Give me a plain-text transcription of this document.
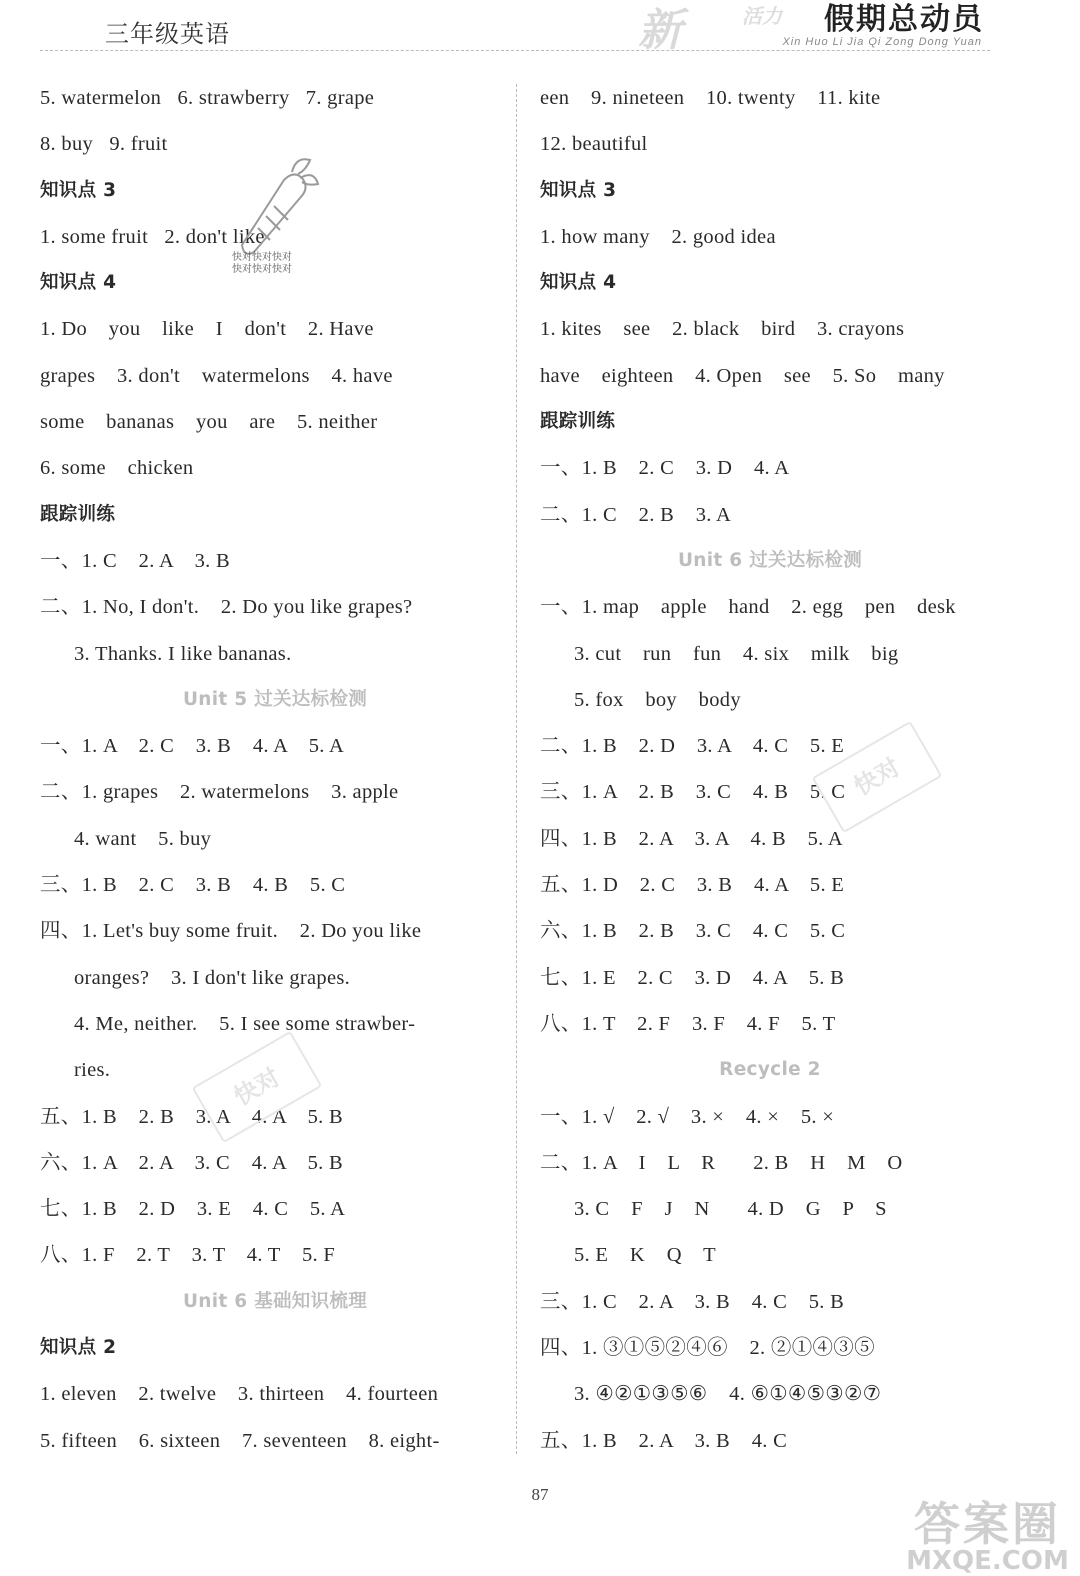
三年级英语	新	活力 假期总动员
Xin Huo Li Jia Qi Zong Dong Yuan
5. watermelon   6. strawberry   7. grape
8. buy   9. fruit
知识点 3
1. some fruit   2. don't like
知识点 4
1. Do    you    like    I    don't    2. Have
grapes    3. don't    watermelons    4. have
some    bananas    you    are    5. neither
6. some    chicken
跟踪训练
一、1. C    2. A    3. B
二、1. No, I don't.    2. Do you like grapes?
3. Thanks. I like bananas.
Unit 5 过关达标检测
一、1. A    2. C    3. B    4. A    5. A
二、1. grapes    2. watermelons    3. apple
4. want    5. buy
三、1. B    2. C    3. B    4. B    5. C
四、1. Let's buy some fruit.    2. Do you like
oranges?    3. I don't like grapes.
4. Me, neither.    5. I see some strawber-
ries.
五、1. B    2. B    3. A    4. A    5. B
六、1. A    2. A    3. C    4. A    5. B
七、1. B    2. D    3. E    4. C    5. A
八、1. F    2. T    3. T    4. T    5. F
Unit 6 基础知识梳理
知识点 2
1. eleven    2. twelve    3. thirteen    4. fourteen
5. fifteen    6. sixteen    7. seventeen    8. eight-
een    9. nineteen    10. twenty    11. kite
12. beautiful
知识点 3
1. how many    2. good idea
知识点 4
1. kites    see    2. black    bird    3. crayons
have    eighteen    4. Open    see    5. So    many
跟踪训练
一、1. B    2. C    3. D    4. A
二、1. C    2. B    3. A
Unit 6 过关达标检测
一、1. map    apple    hand    2. egg    pen    desk
3. cut    run    fun    4. six    milk    big
5. fox    boy    body
二、1. B    2. D    3. A    4. C    5. E
三、1. A    2. B    3. C    4. B    5. C
四、1. B    2. A    3. A    4. B    5. A
五、1. D    2. C    3. B    4. A    5. E
六、1. B    2. B    3. C    4. C    5. C
七、1. E    2. C    3. D    4. A    5. B
八、1. T    2. F    3. F    4. F    5. T
Recycle 2
一、1. √    2. √    3. ×    4. ×    5. ×
二、1. A    I    L    R       2. B    H    M    O
3. C    F    J    N       4. D    G    P    S
5. E    K    Q    T
三、1. C    2. A    3. B    4. C    5. B
四、1. ③①⑤②④⑥    2. ②①④③⑤
3. ④②①③⑤⑥    4. ⑥①④⑤③②⑦
五、1. B    2. A    3. B    4. C
快对快对快对
快对快对快对
快对
快对
87
答案圈
MXQE.COM
